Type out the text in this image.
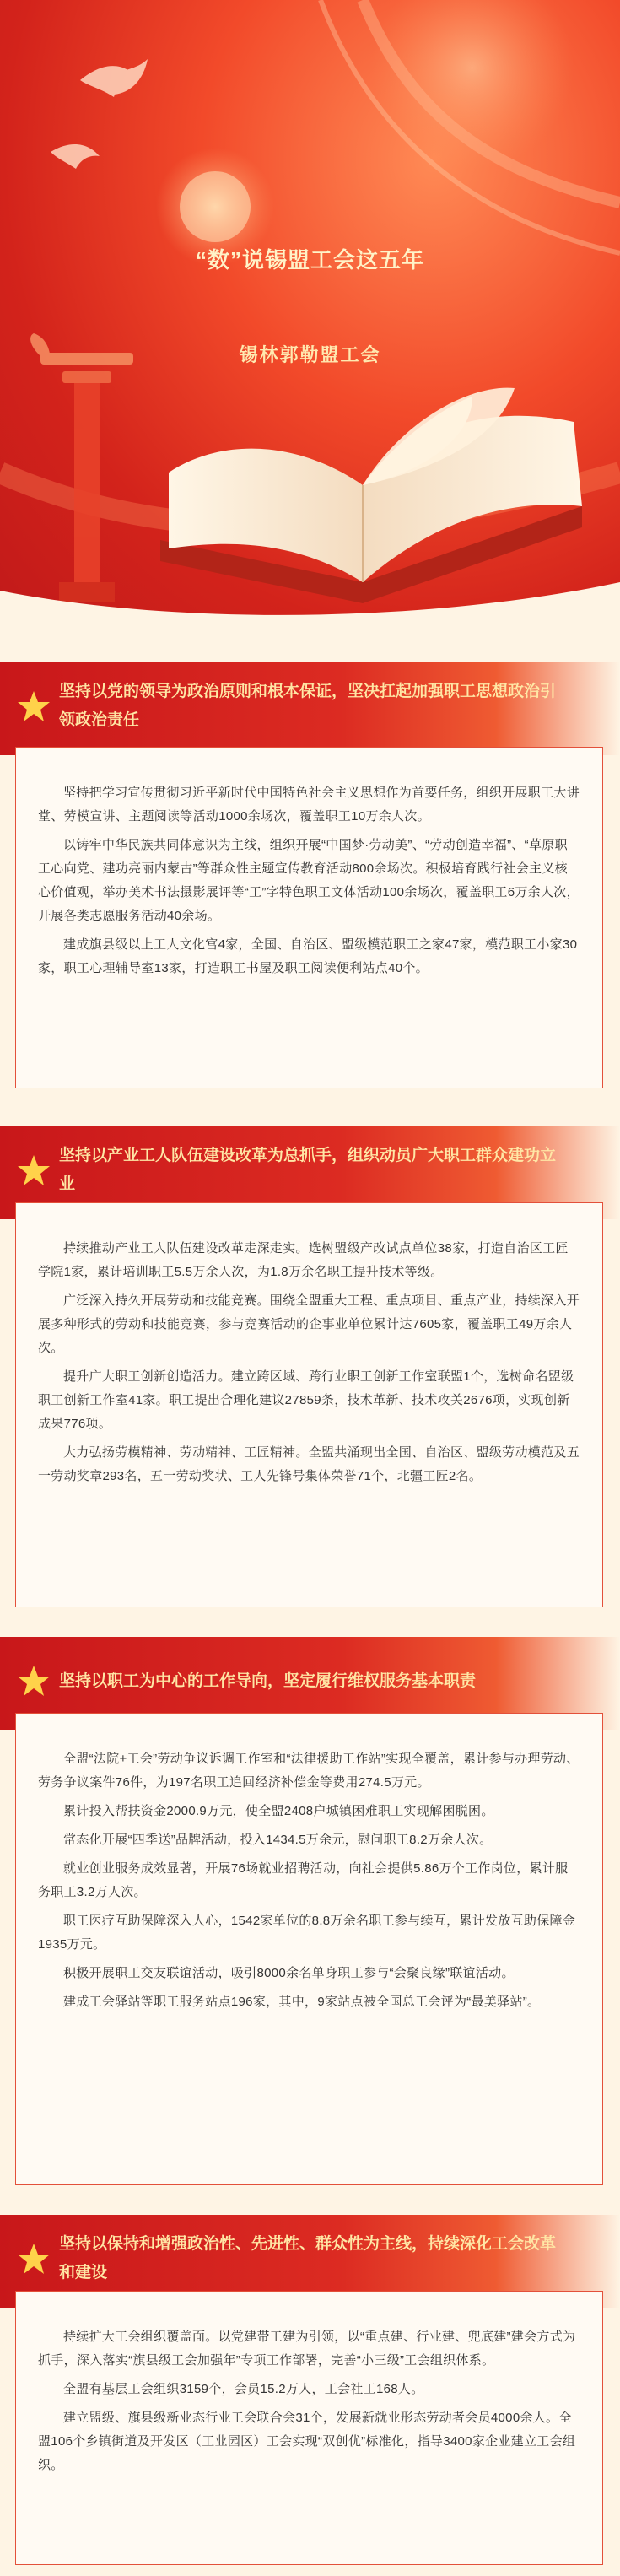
“数”说锡盟工会这五年
锡林郭勒盟工会
坚持以党的领导为政治原则和根本保证，坚决扛起加强职工思想政治引领政治责任

坚持把学习宣传贯彻习近平新时代中国特色社会主义思想作为首要任务，组织开展职工大讲堂、劳模宣讲、主题阅读等活动1000余场次，覆盖职工10万余人次。

以铸牢中华民族共同体意识为主线，组织开展“中国梦·劳动美”、“劳动创造幸福”、“草原职工心向党、建功亮丽内蒙古”等群众性主题宣传教育活动800余场次。积极培育践行社会主义核心价值观，举办美术书法摄影展评等“工”字特色职工文体活动100余场次，覆盖职工6万余人次，开展各类志愿服务活动40余场。

建成旗县级以上工人文化宫4家，全国、自治区、盟级模范职工之家47家，模范职工小家30家，职工心理辅导室13家，打造职工书屋及职工阅读便利站点40个。

坚持以产业工人队伍建设改革为总抓手，组织动员广大职工群众建功立业

持续推动产业工人队伍建设改革走深走实。选树盟级产改试点单位38家，打造自治区工匠学院1家，累计培训职工5.5万余人次，为1.8万余名职工提升技术等级。

广泛深入持久开展劳动和技能竞赛。围绕全盟重大工程、重点项目、重点产业，持续深入开展多种形式的劳动和技能竞赛，参与竞赛活动的企事业单位累计达7605家，覆盖职工49万余人次。

提升广大职工创新创造活力。建立跨区域、跨行业职工创新工作室联盟1个，选树命名盟级职工创新工作室41家。职工提出合理化建议27859条，技术革新、技术攻关2676项，实现创新成果776项。

大力弘扬劳模精神、劳动精神、工匠精神。全盟共涌现出全国、自治区、盟级劳动模范及五一劳动奖章293名，五一劳动奖状、工人先锋号集体荣誉71个，北疆工匠2名。

坚持以职工为中心的工作导向，坚定履行维权服务基本职责

全盟“法院+工会”劳动争议诉调工作室和“法律援助工作站”实现全覆盖，累计参与办理劳动、劳务争议案件76件，为197名职工追回经济补偿金等费用274.5万元。

累计投入帮扶资金2000.9万元，使全盟2408户城镇困难职工实现解困脱困。

常态化开展“四季送”品牌活动，投入1434.5万余元，慰问职工8.2万余人次。

就业创业服务成效显著，开展76场就业招聘活动，向社会提供5.86万个工作岗位，累计服务职工3.2万人次。

职工医疗互助保障深入人心，1542家单位的8.8万余名职工参与续互，累计发放互助保障金1935万元。

积极开展职工交友联谊活动，吸引8000余名单身职工参与“会聚良缘”联谊活动。

建成工会驿站等职工服务站点196家，其中，9家站点被全国总工会评为“最美驿站”。

坚持以保持和增强政治性、先进性、群众性为主线，持续深化工会改革和建设

持续扩大工会组织覆盖面。以党建带工建为引领，以“重点建、行业建、兜底建”建会方式为抓手，深入落实“旗县级工会加强年”专项工作部署，完善“小三级”工会组织体系。

全盟有基层工会组织3159个，会员15.2万人，工会社工168人。

建立盟级、旗县级新业态行业工会联合会31个，发展新就业形态劳动者会员4000余人。全盟106个乡镇街道及开发区（工业园区）工会实现“双创优”标准化，指导3400家企业建立工会组织。
